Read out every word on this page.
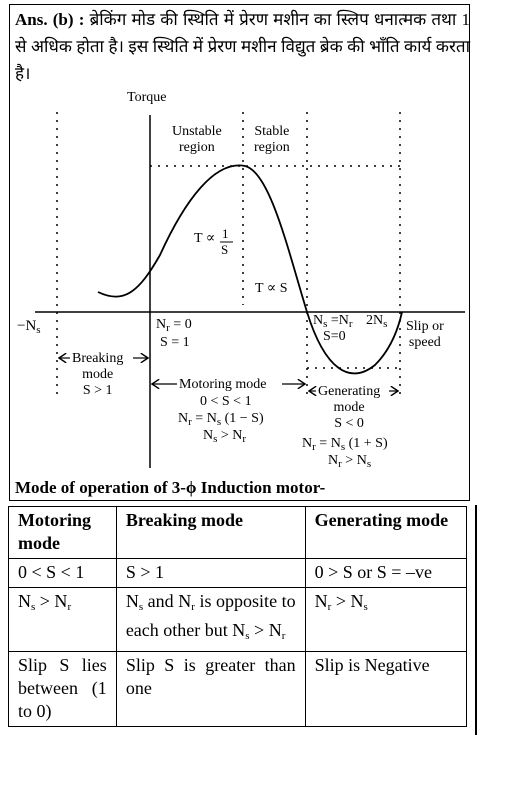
Ans. (b) : ब्रेकिंग मोड की स्थिति में प्रेरण मशीन का स्लिप धनात्मक तथा 1 से अधिक होता है। इस स्थिति में प्रेरण मशीन विद्युत ब्रेक की भाँति कार्य करता है।
Torque
Unstable
region
Stable
region
T ∝ 1
S
T ∝ S
$-N_s$	$N_r = 0$
S = 1
$N_s =N_r$
S=0
$2N_s$ Slip or
speed
Breaking
mode
S > 1	Motoring mode
0 < S < 1
$N_r = N_s$ (1 − S)
$N_s > N_r$
Generating
mode
S < 0
$N_r = N_s$ (1 + S)
$N_r > N_s$
Mode of operation of 3-ϕ Induction motor-
Motoring mode	Breaking mode	Generating mode
0 < S < 1	S > 1	0 > S or S = –ve
$N_s > N_r$	$N_s$ and $N_r$ is opposite to each other but $N_s > N_r$	$N_r > N_s$
Slip S lies between (1 to 0)	Slip S is greater than one	Slip is Negative
